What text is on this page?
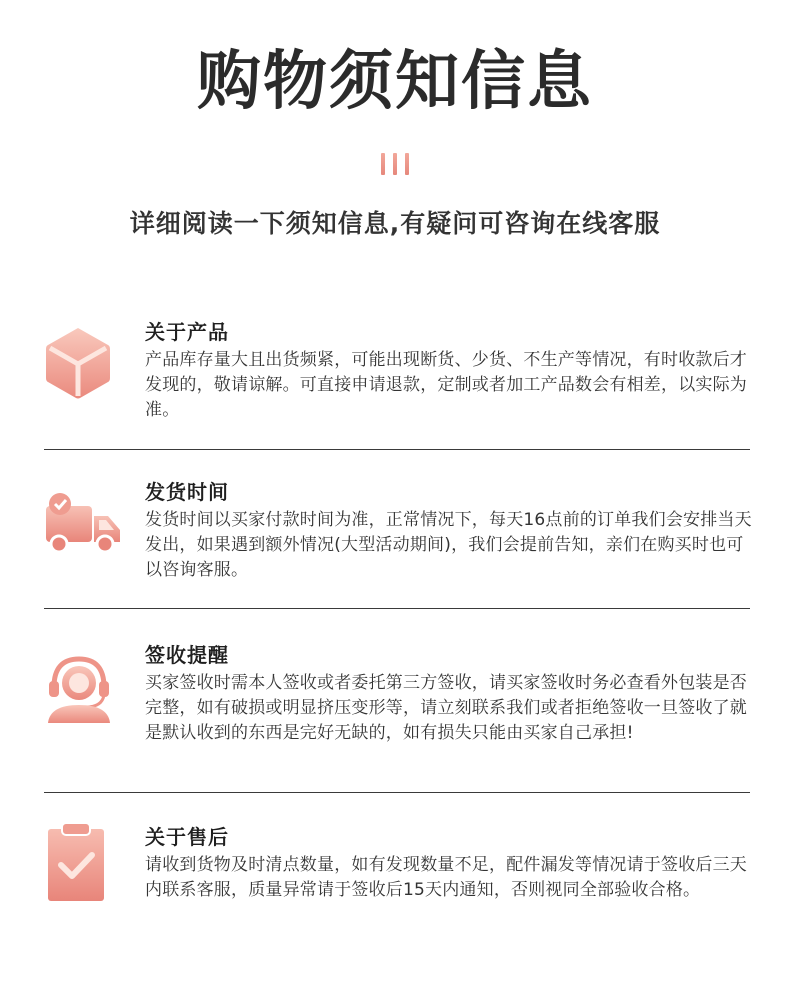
购物须知信息
详细阅读一下须知信息,有疑问可咨询在线客服
关于产品

产品库存量大且出货频紧，可能出现断货、少货、不生产等情况，有时收款后才发现的，敬请谅解。可直接申请退款，定制或者加工产品数会有相差，以实际为准。

发货时间

发货时间以买家付款时间为准，正常情况下，每天16点前的订单我们会安排当天发出，如果遇到额外情况(大型活动期间)，我们会提前告知，亲们在购买时也可以咨询客服。

签收提醒

买家签收时需本人签收或者委托第三方签收，请买家签收时务必查看外包装是否完整，如有破损或明显挤压变形等，请立刻联系我们或者拒绝签收一旦签收了就是默认收到的东西是完好无缺的，如有损失只能由买家自己承担!

关于售后

请收到货物及时清点数量，如有发现数量不足，配件漏发等情况请于签收后三天内联系客服，质量异常请于签收后15天内通知，否则视同全部验收合格。
